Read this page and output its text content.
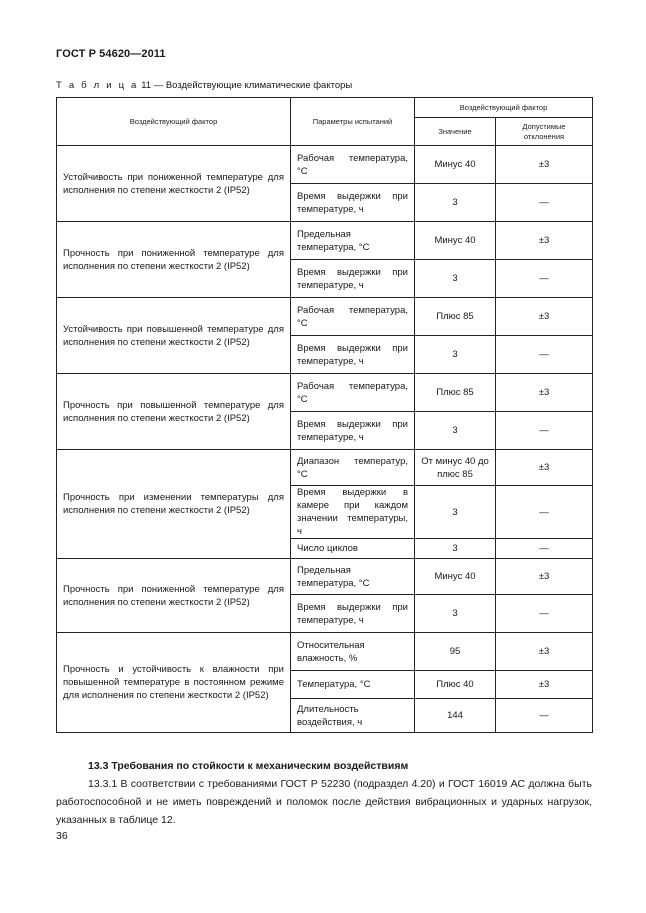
ГОСТ Р 54620—2011
Т а б л и ц а 11 — Воздействующие климатические факторы
Воздействующий фактор	Параметры испытаний	Воздействующий фактор	
		Значение	Допустимые отклонения
Устойчивость при пониженной температуре для исполнения по степени жесткости 2 (IP52)	Рабочая температура, °C	Минус 40	±3
	Время выдержки при температуре, ч	3	—
Прочность при пониженной температуре для исполнения по степени жесткости 2 (IP52)	Предельная температура, °C	Минус 40	±3
	Время выдержки при температуре, ч	3	—
Устойчивость при повышенной температуре для исполнения по степени жесткости 2 (IP52)	Рабочая температура, °C	Плюс 85	±3
	Время выдержки при температуре, ч	3	—
Прочность при повышенной температуре для исполнения по степени жесткости 2 (IP52)	Рабочая температура, °C	Плюс 85	±3
	Время выдержки при температуре, ч	3	—
Прочность при изменении температуры для исполнения по степени жесткости 2 (IP52)	Диапазон температур, °C	От минус 40 до плюс 85	±3
	Время выдержки в камере при каждом значении температуры, ч	3	—
	Число циклов	3	—
Прочность при пониженной температуре для исполнения по степени жесткости 2 (IP52)	Предельная температура, °C	Минус 40	±3
	Время выдержки при температуре, ч	3	—
Прочность и устойчивость к влажности при повышенной температуре в постоянном режиме для исполнения по степени жесткости 2 (IP52)	Относительная влажность, %	95	±3
	Температура, °C	Плюс 40	±3
	Длительность воздействия, ч	144	—
13.3 Требования по стойкости к механическим воздействиям
13.3.1 В соответствии с требованиями ГОСТ Р 52230 (подраздел 4.20) и ГОСТ 16019 АС должна быть работоспособной и не иметь повреждений и поломок после действия вибрационных и ударных нагрузок, указанных в таблице 12.
36
